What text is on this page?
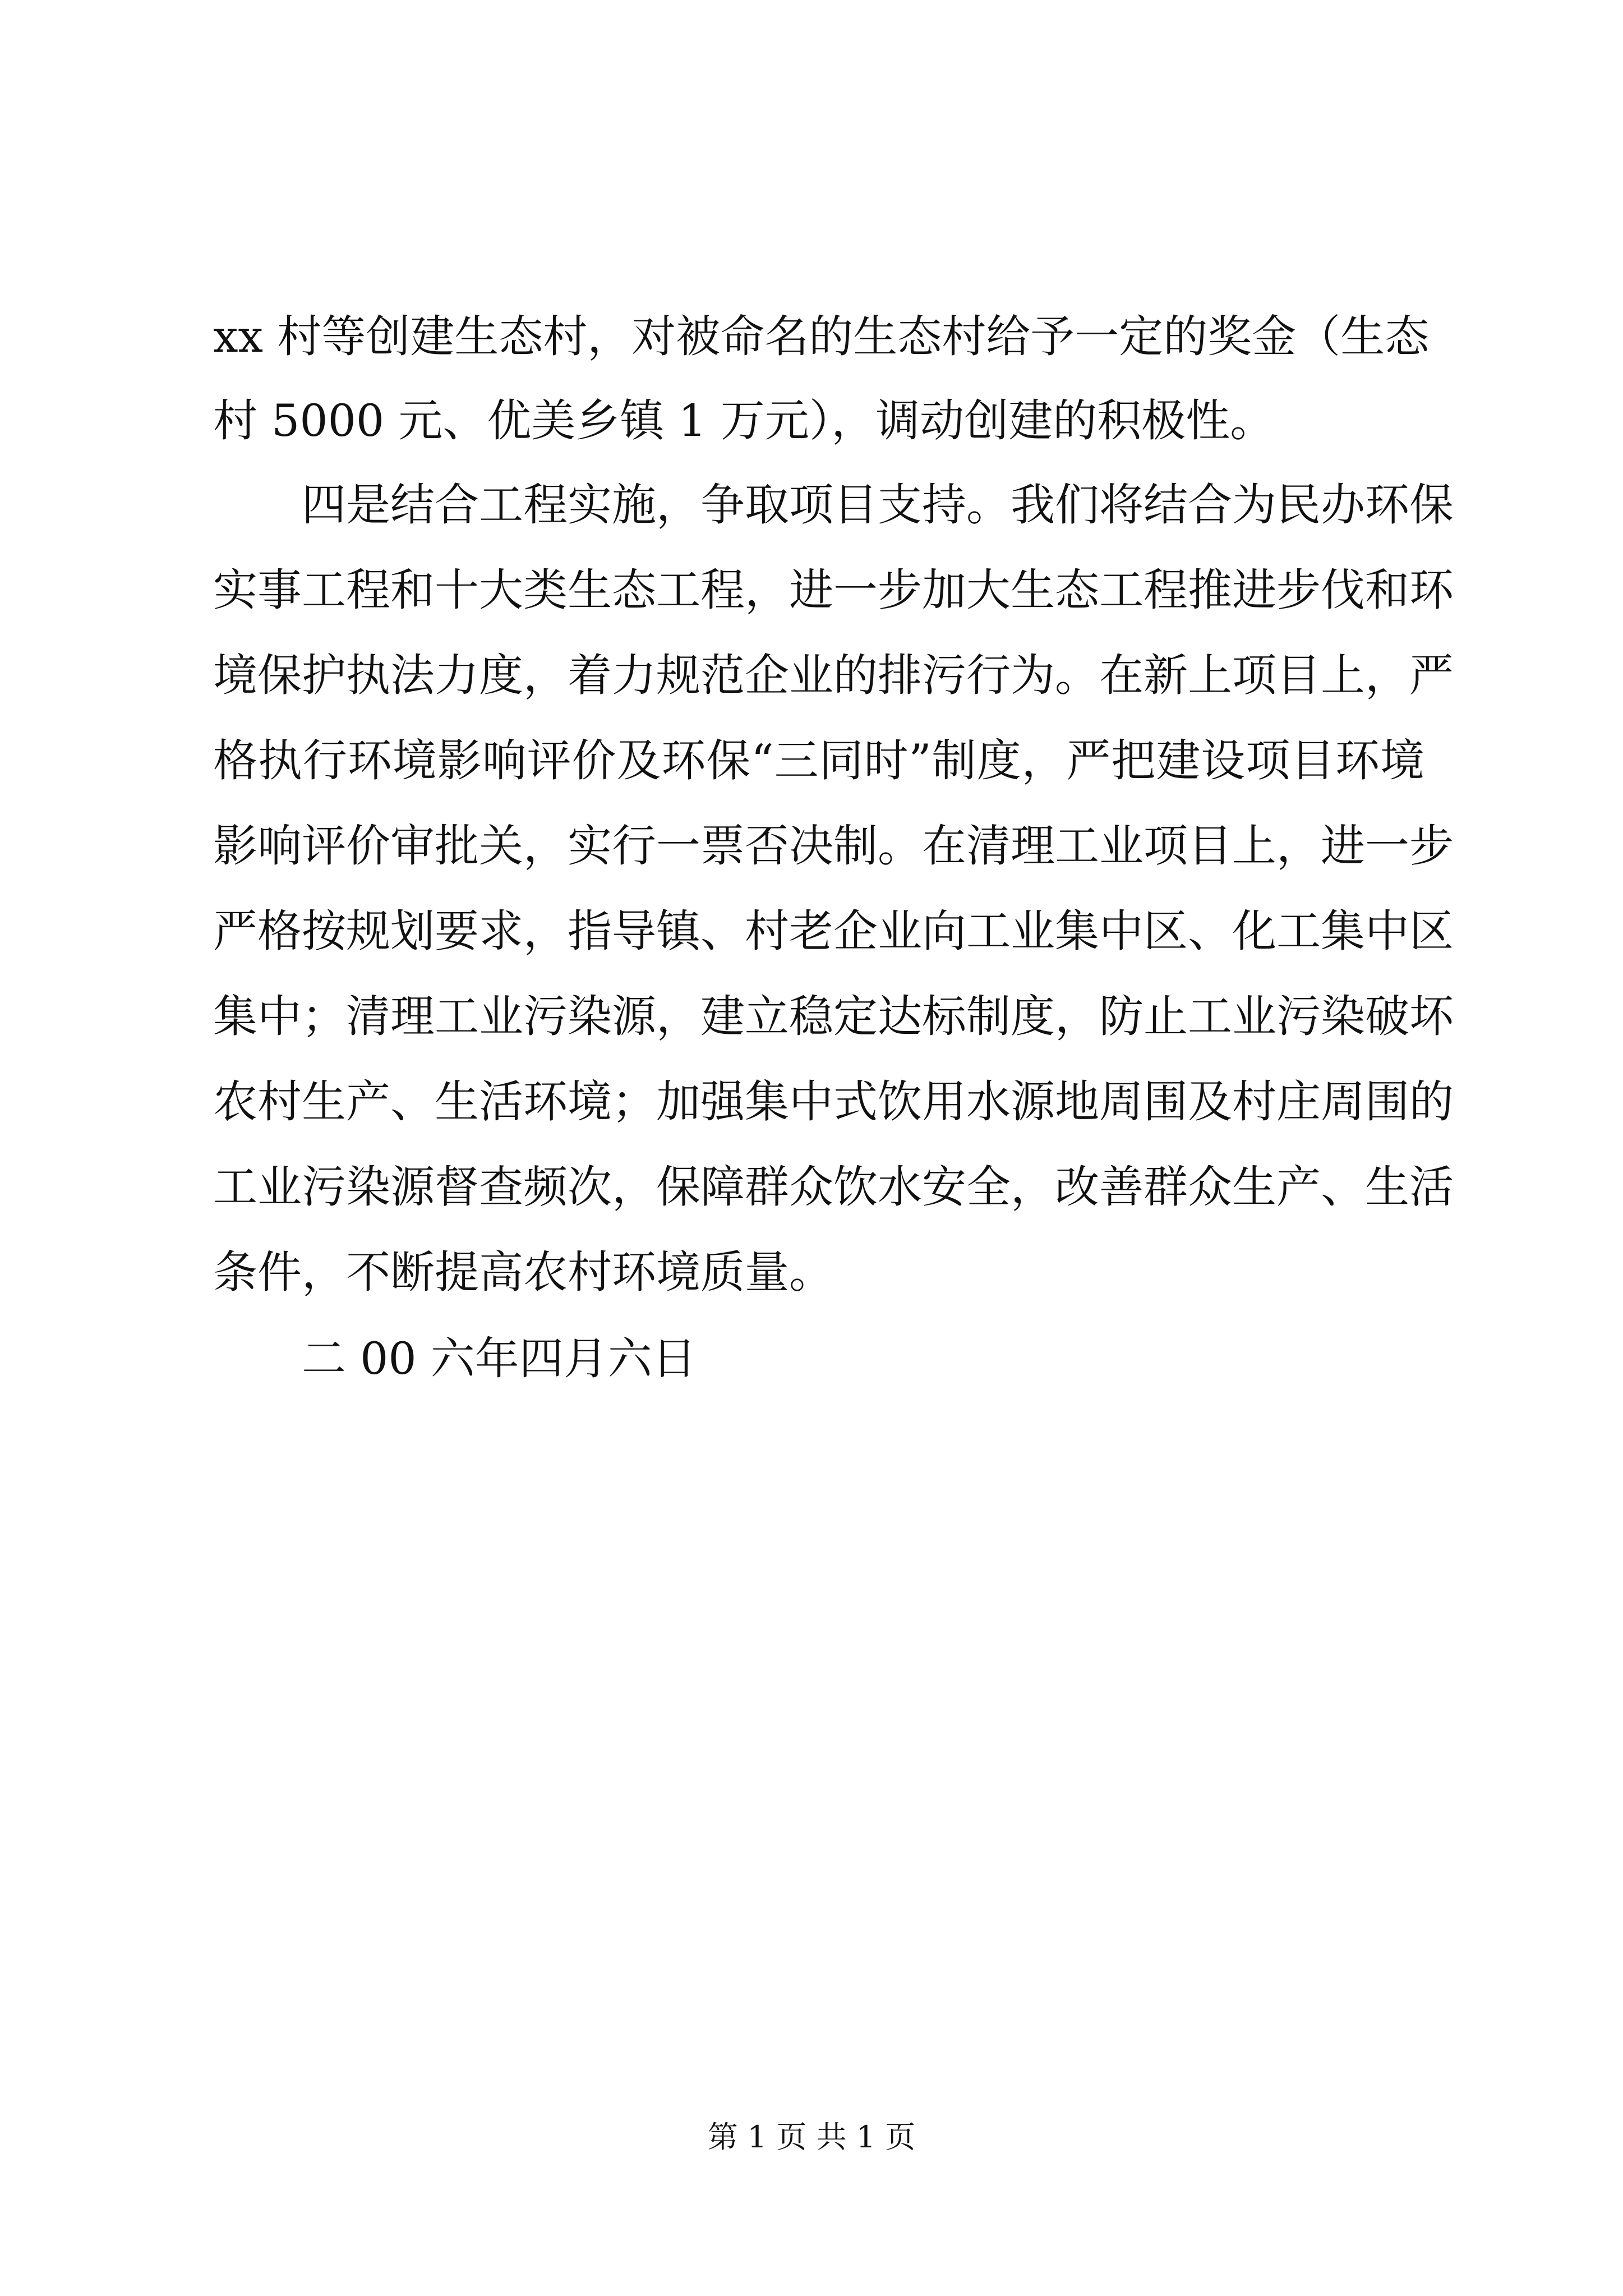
xx 村等创建生态村，对被命名的生态村给予一定的奖金（生态
村 5000 元、优美乡镇 1 万元），调动创建的积极性。
四是结合工程实施，争取项目支持。我们将结合为民办环保
实事工程和十大类生态工程，进一步加大生态工程推进步伐和环
境保护执法力度，着力规范企业的排污行为。在新上项目上，严
格执行环境影响评价及环保“三同时”制度，严把建设项目环境
影响评价审批关，实行一票否决制。在清理工业项目上，进一步
严格按规划要求，指导镇、村老企业向工业集中区、化工集中区
集中；清理工业污染源，建立稳定达标制度，防止工业污染破坏
农村生产、生活环境；加强集中式饮用水源地周围及村庄周围的
工业污染源督查频次，保障群众饮水安全，改善群众生产、生活
条件，不断提高农村环境质量。
二 00 六年四月六日
第 1 页 共 1 页
